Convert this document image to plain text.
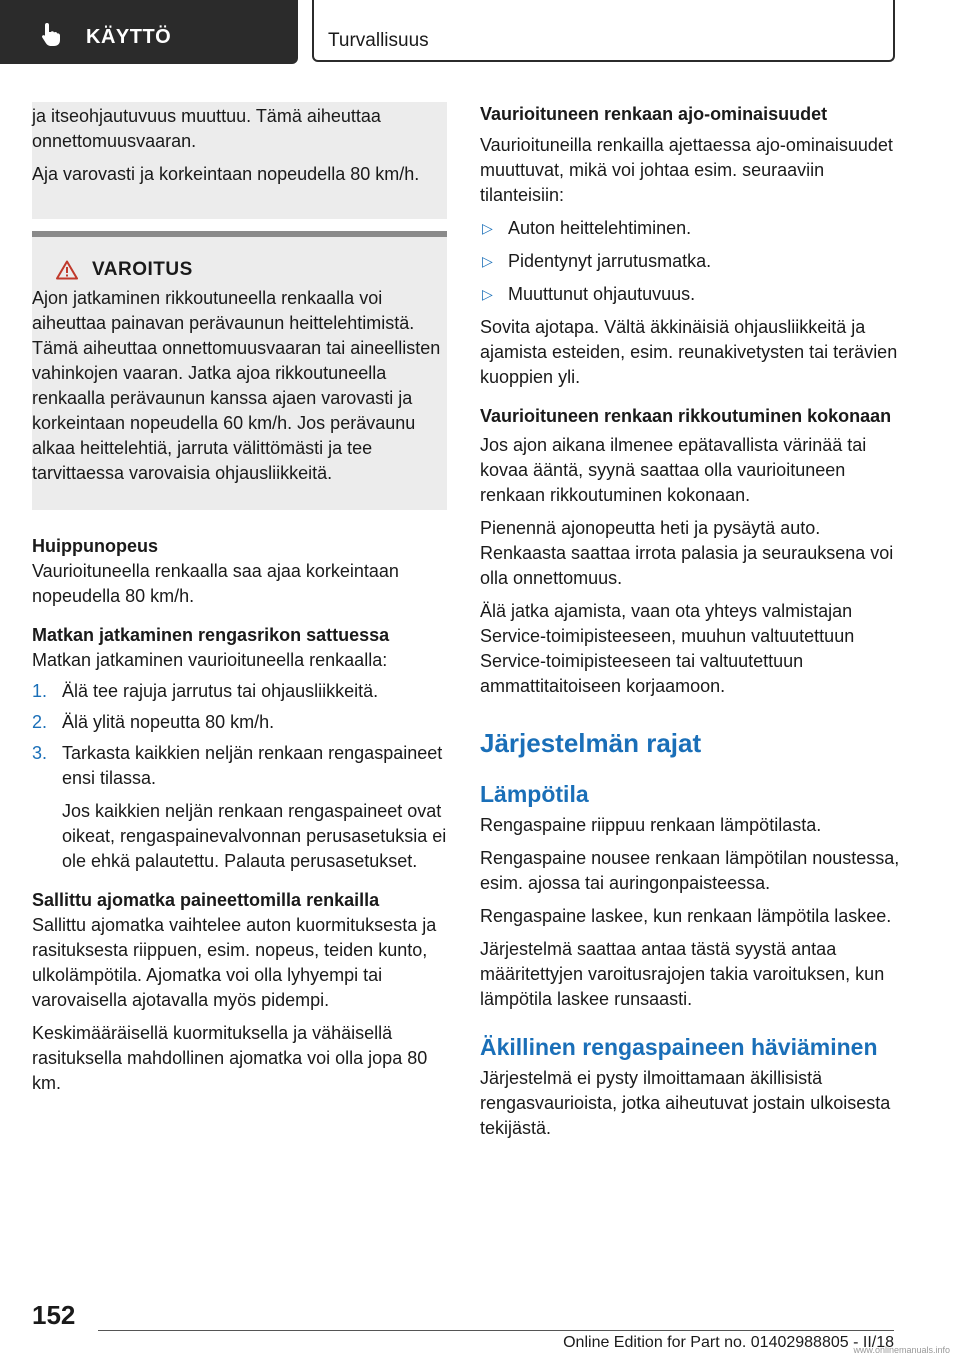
KÄYTTÖ	Turvallisuus

ja itseohjautuvuus muuttuu. Tämä aiheuttaa onnettomuusvaaran.

Aja varovasti ja korkeintaan nopeudella 80 km/h.

VAROITUS

Ajon jatkaminen rikkoutuneella renkaalla voi aiheuttaa painavan perävaunun heittelehtimistä. Tämä aiheuttaa onnettomuusvaaran tai aineellisten vahinkojen vaaran. Jatka ajoa rikkoutuneella renkaalla perävaunun kanssa ajaen varovasti ja korkeintaan nopeudella 60 km/h. Jos perävaunu alkaa heittelehtiä, jarruta välittömästi ja tee tarvittaessa varovaisia ohjausliikkeitä.

Huippunopeus

Vaurioituneella renkaalla saa ajaa korkeintaan nopeudella 80 km/h.

Matkan jatkaminen rengasrikon sattuessa

Matkan jatkaminen vaurioituneella renkaalla:

1. Älä tee rajuja jarrutus tai ohjausliikkeitä.
2. Älä ylitä nopeutta 80 km/h.
3. Tarkasta kaikkien neljän renkaan rengaspaineet ensi tilassa.
Jos kaikkien neljän renkaan rengaspaineet ovat oikeat, rengaspainevalvonnan perusasetuksia ei ole ehkä palautettu. Palauta perusasetukset.
Sallittu ajomatka paineettomilla renkailla

Sallittu ajomatka vaihtelee auton kuormituksesta ja rasituksesta riippuen, esim. nopeus, teiden kunto, ulkolämpötila. Ajomatka voi olla lyhyempi tai varovaisella ajotavalla myös pidempi.

Keskimääräisellä kuormituksella ja vähäisellä rasituksella mahdollinen ajomatka voi olla jopa 80 km.

Vaurioituneen renkaan ajo-ominaisuudet

Vaurioituneilla renkailla ajettaessa ajo-ominaisuudet muuttuvat, mikä voi johtaa esim. seuraaviin tilanteisiin:

▷ Auton heittelehtiminen.
▷ Pidentynyt jarrutusmatka.
▷ Muuttunut ohjautuvuus.

Sovita ajotapa. Vältä äkkinäisiä ohjausliikkeitä ja ajamista esteiden, esim. reunakivetysten tai terävien kuoppien yli.

Vaurioituneen renkaan rikkoutuminen kokonaan

Jos ajon aikana ilmenee epätavallista värinää tai kovaa ääntä, syynä saattaa olla vaurioituneen renkaan rikkoutuminen kokonaan.

Pienennä ajonopeutta heti ja pysäytä auto. Renkaasta saattaa irrota palasia ja seurauksena voi olla onnettomuus.

Älä jatka ajamista, vaan ota yhteys valmistajan Service-toimipisteeseen, muuhun valtuutettuun Service-toimipisteeseen tai valtuutettuun ammattitaitoiseen korjaamoon.

Järjestelmän rajat
Lämpötila

Rengaspaine riippuu renkaan lämpötilasta.

Rengaspaine nousee renkaan lämpötilan noustessa, esim. ajossa tai auringonpaisteessa.

Rengaspaine laskee, kun renkaan lämpötila laskee.

Järjestelmä saattaa antaa tästä syystä antaa määritettyjen varoitusrajojen takia varoituksen, kun lämpötila laskee runsaasti.

Äkillinen rengaspaineen häviäminen

Järjestelmä ei pysty ilmoittamaan äkillisistä rengasvaurioista, jotka aiheutuvat jostain ulkoisesta tekijästä.

152
Online Edition for Part no. 01402988805 - II/18
www.onlinemanuals.info
